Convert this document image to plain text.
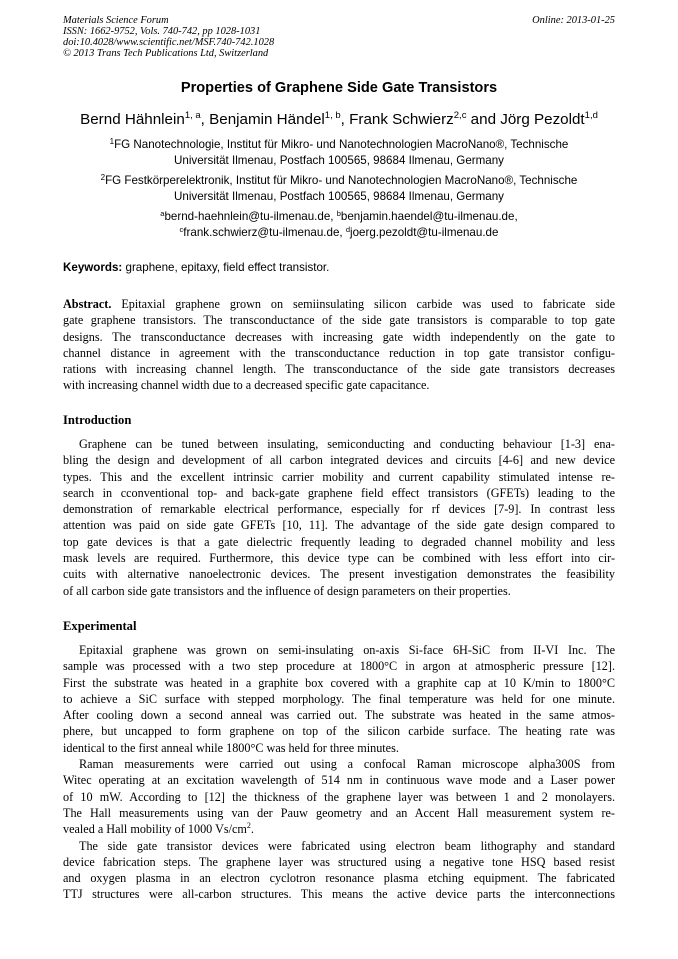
Materials Science Forum
ISSN: 1662-9752, Vols. 740-742, pp 1028-1031
doi:10.4028/www.scientific.net/MSF.740-742.1028
© 2013 Trans Tech Publications Ltd, Switzerland
Online: 2013-01-25
Properties of Graphene Side Gate Transistors
Bernd Hähnlein$^{1, a}$, Benjamin Händel$^{1, b}$, Frank Schwierz$^{2,c}$ and Jörg Pezoldt$^{1,d}$
$^1$FG Nanotechnologie, Institut für Mikro- und Nanotechnologien MacroNano®, Technische
Universität Ilmenau, Postfach 100565, 98684 Ilmenau, Germany
$^2$FG Festkörperelektronik, Institut für Mikro- und Nanotechnologien MacroNano®, Technische
Universität Ilmenau, Postfach 100565, 98684 Ilmenau, Germany
$^a$bernd-haehnlein@tu-ilmenau.de, $^b$benjamin.haendel@tu-ilmenau.de,
$^c$frank.schwierz@tu-ilmenau.de, $^d$joerg.pezoldt@tu-ilmenau.de
Keywords: graphene, epitaxy, field effect transistor.
Abstract. Epitaxial graphene grown on semiinsulating silicon carbide was used to fabricate side
gate graphene transistors. The transconductance of the side gate transistors is comparable to top gate
designs. The transconductance decreases with increasing gate width independently on the gate to
channel distance in agreement with the transconductance reduction in top gate transistor configu-
rations with increasing channel length. The transconductance of the side gate transistors decreases
with increasing channel width due to a decreased specific gate capacitance.
Introduction
Graphene can be tuned between insulating, semiconducting and conducting behaviour [1-3] ena-
bling the design and development of all carbon integrated devices and circuits [4-6] and new device
types. This and the excellent intrinsic carrier mobility and current capability stimulated intense re-
search in cconventional top- and back-gate graphene field effect transistors (GFETs) leading to the
demonstration of remarkable electrical performance, especially for rf devices [7-9]. In contrast less
attention was paid on side gate GFETs [10, 11]. The advantage of the side gate design compared to
top gate devices is that a gate dielectric frequently leading to degraded channel mobility and less
mask levels are required. Furthermore, this device type can be combined with less effort into cir-
cuits with alternative nanoelectronic devices. The present investigation demonstrates the feasibility
of all carbon side gate transistors and the influence of design parameters on their properties.
Experimental
Epitaxial graphene was grown on semi-insulating on-axis Si-face 6H-SiC from II-VI Inc. The
sample was processed with a two step procedure at 1800°C in argon at atmospheric pressure [12].
First the substrate was heated in a graphite box covered with a graphite cap at 10 K/min to 1800°C
to achieve a SiC surface with stepped morphology. The final temperature was held for one minute.
After cooling down a second anneal was carried out. The substrate was heated in the same atmos-
phere, but uncapped to form graphene on top of the silicon carbide surface. The heating rate was
identical to the first anneal while 1800°C was held for three minutes.
Raman measurements were carried out using a confocal Raman microscope alpha300S from
Witec operating at an excitation wavelength of 514 nm in continuous wave mode and a Laser power
of 10 mW. According to [12] the thickness of the graphene layer was between 1 and 2 monolayers.
The Hall measurements using van der Pauw geometry and an Accent Hall measurement system re-
vealed a Hall mobility of 1000 $Vs/cm^2$.
The side gate transistor devices were fabricated using electron beam lithography and standard
device fabrication steps. The graphene layer was structured using a negative tone HSQ based resist
and oxygen plasma in an electron cyclotron resonance plasma etching equipment. The fabricated
TTJ structures were all-carbon structures. This means the active device parts the interconnections
